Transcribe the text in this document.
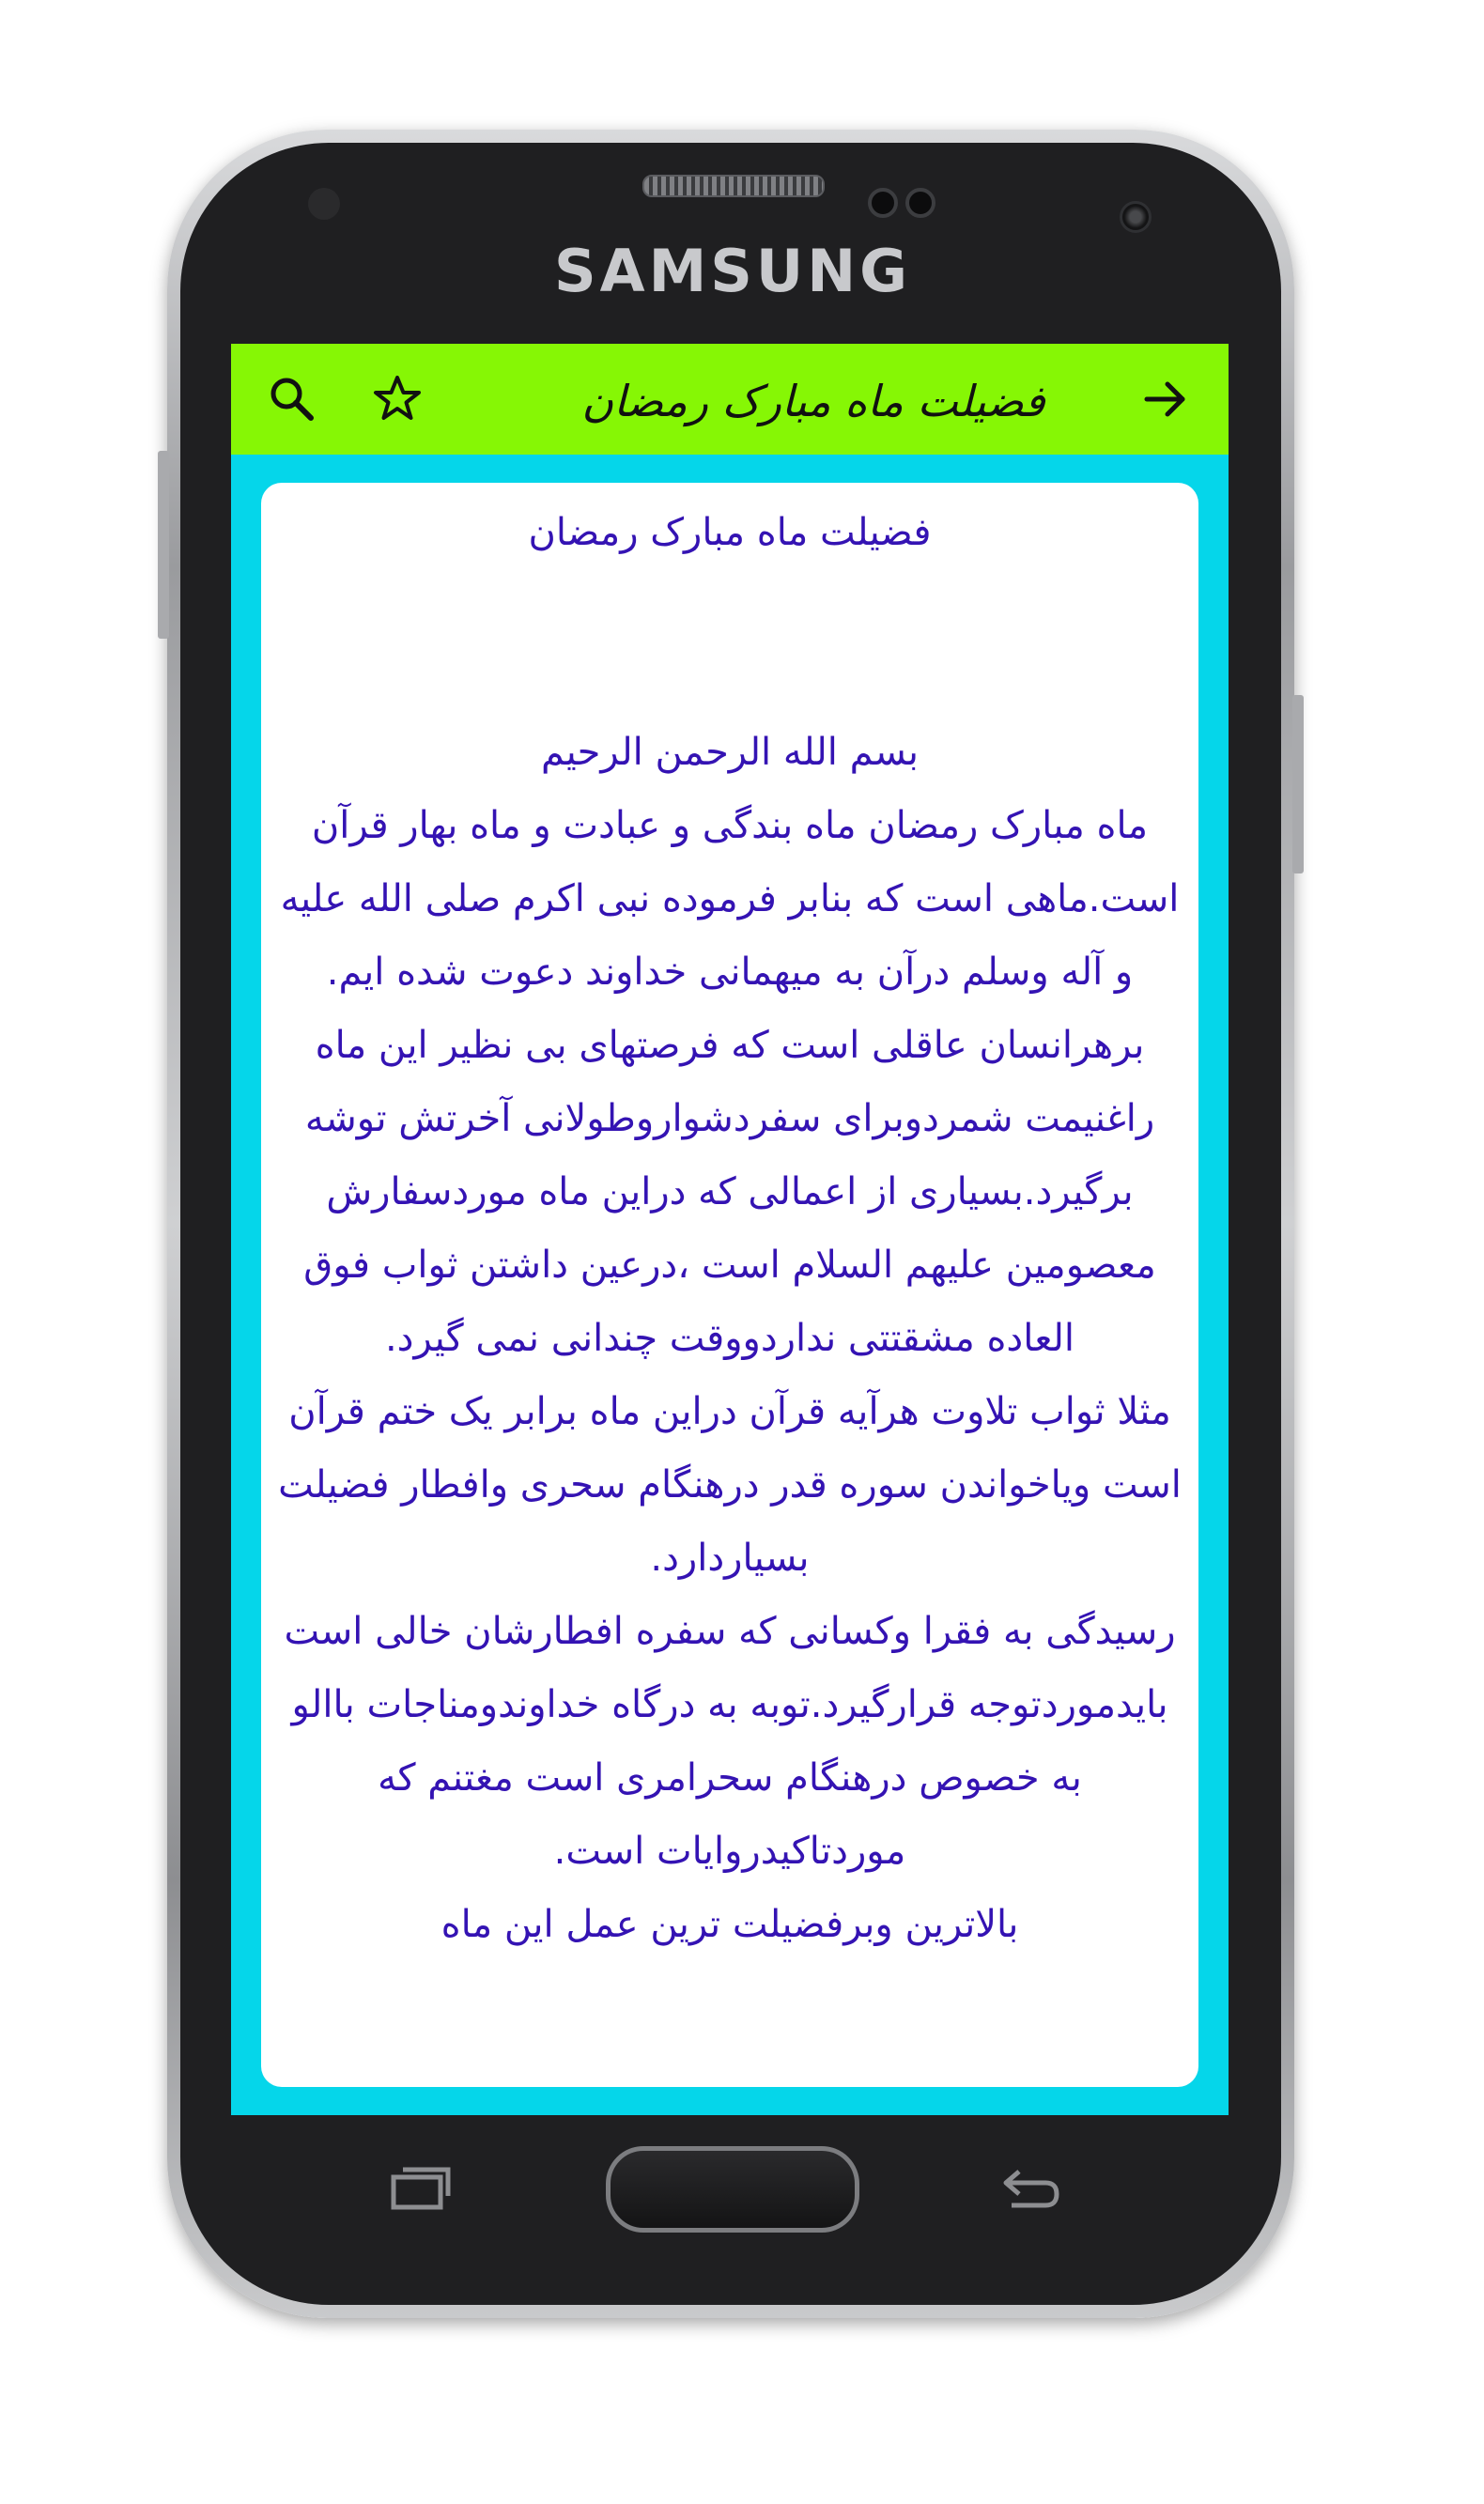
SAMSUNG
فضیلت ماه مبارک رمضان
فضیلت ماه مبارک رمضان

بسم الله الرحمن الرحیم
ماه مبارک رمضان ماه بندگی و عبادت و ماه بهار قرآن است.ماهی است که بنابر فرموده نبی اکرم صلی الله علیه و آله وسلم درآن به میهمانی خداوند دعوت شده ایم.
برهرانسان عاقلی است که فرصتهای بی نظیر این ماه راغنیمت شمردوبرای سفردشواروطولانی آخرتش توشه برگیرد.بسیاری از اعمالی که دراین ماه موردسفارش معصومین علیهم السلام است ،درعین داشتن ثواب فوق العاده مشقتتی نداردووقت چندانی نمی گیرد.
مثلا ثواب تلاوت هرآیه قرآن دراین ماه برابر یک ختم قرآن است ویاخواندن سوره قدر درهنگام سحری وافطار فضیلت بسیاردارد.
رسیدگی به فقرا وکسانی که سفره افطارشان خالی است بایدموردتوجه قرارگیرد.توبه به درگاه خداوندومناجات باالو به خصوص درهنگام سحرامری است مغتنم که موردتاکیدروایات است.
بالاترین وبرفضیلت ترین عمل این ماه
